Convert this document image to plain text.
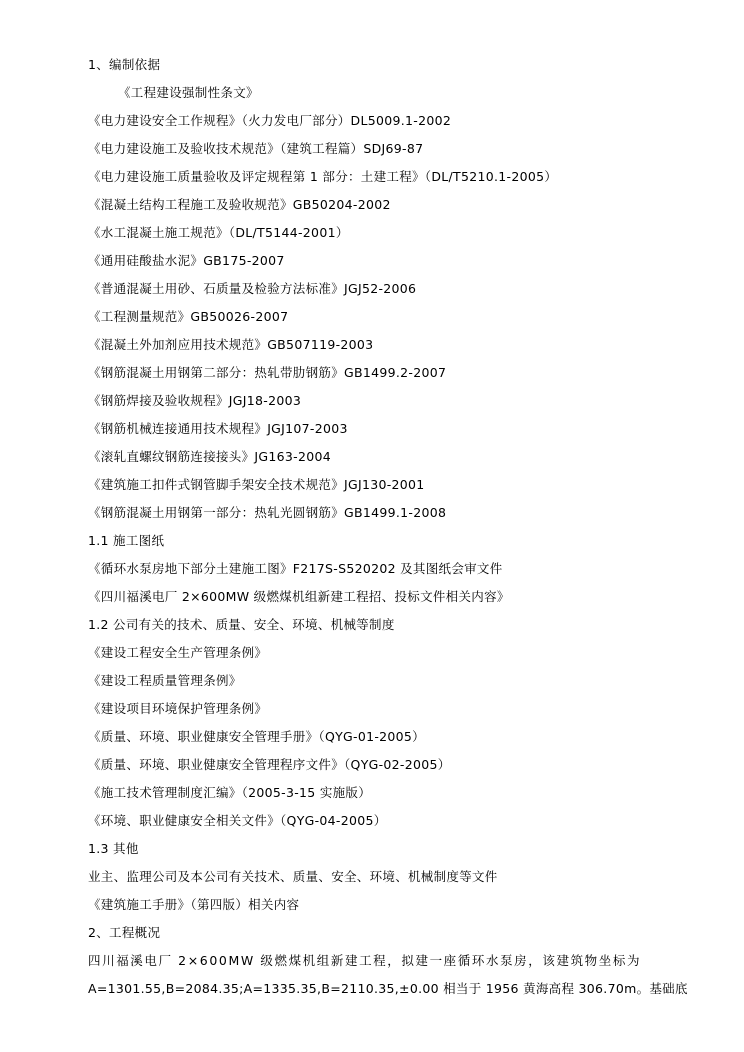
1、编制依据
《工程建设强制性条文》
《电力建设安全工作规程》（火力发电厂部分）DL5009.1-2002
《电力建设施工及验收技术规范》（建筑工程篇）SDJ69-87
《电力建设施工质量验收及评定规程第 1 部分：土建工程》（DL/T5210.1-2005）
《混凝土结构工程施工及验收规范》GB50204-2002
《水工混凝土施工规范》（DL/T5144-2001）
《通用硅酸盐水泥》GB175-2007
《普通混凝土用砂、石质量及检验方法标准》JGJ52-2006
《工程测量规范》GB50026-2007
《混凝土外加剂应用技术规范》GB507119-2003
《钢筋混凝土用钢第二部分：热轧带肋钢筋》GB1499.2-2007
《钢筋焊接及验收规程》JGJ18-2003
《钢筋机械连接通用技术规程》JGJ107-2003
《滚轧直螺纹钢筋连接接头》JG163-2004
《建筑施工扣件式钢管脚手架安全技术规范》JGJ130-2001
《钢筋混凝土用钢第一部分：热轧光圆钢筋》GB1499.1-2008
1.1 施工图纸
《循环水泵房地下部分土建施工图》F217S-S520202 及其图纸会审文件
《四川福溪电厂 2×600MW 级燃煤机组新建工程招、投标文件相关内容》
1.2 公司有关的技术、质量、安全、环境、机械等制度
《建设工程安全生产管理条例》
《建设工程质量管理条例》
《建设项目环境保护管理条例》
《质量、环境、职业健康安全管理手册》（QYG-01-2005）
《质量、环境、职业健康安全管理程序文件》（QYG-02-2005）
《施工技术管理制度汇编》（2005-3-15 实施版）
《环境、职业健康安全相关文件》（QYG-04-2005）
1.3 其他
业主、监理公司及本公司有关技术、质量、安全、环境、机械制度等文件
《建筑施工手册》（第四版）相关内容
2、工程概况
四川福溪电厂 2×600MW 级燃煤机组新建工程，拟建一座循环水泵房，该建筑物坐标为
A=1301.55,B=2084.35;A=1335.35,B=2110.35,±0.00 相当于 1956 黄海高程 306.70m。基础底
